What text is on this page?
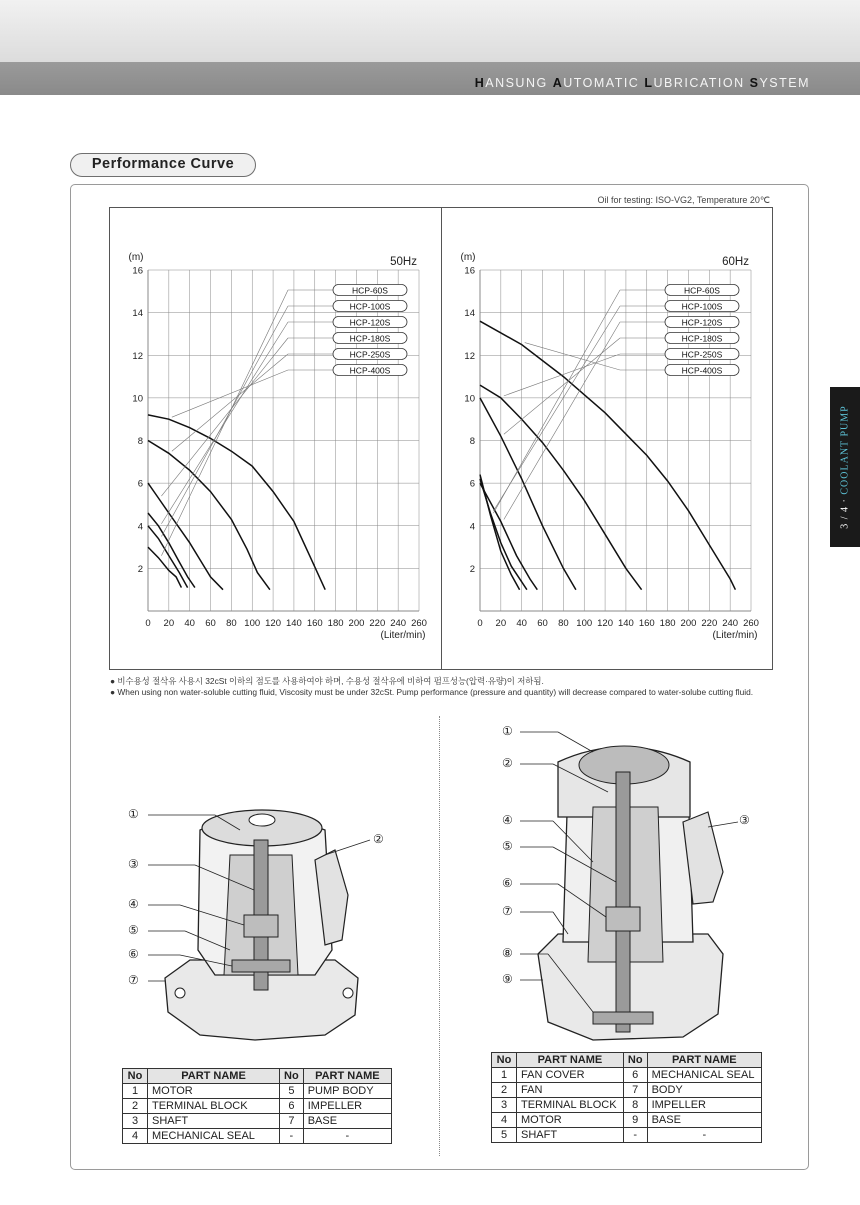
HANSUNG AUTOMATIC LUBRICATION SYSTEM
Performance Curve
3 / 4 · COOLANT PUMP
Oil for testing: ISO-VG2, Temperature 20℃
0 20 40 60 80 100 120 140 160 180 200 220 240 260
2
4
6
8
10
12
14
16
(m)
(Liter/min)
50Hz
HCP-60S
HCP-100S
HCP-120S
HCP-180S
HCP-250S
HCP-400S
0 20 40 60 80 100 120 140 160 180 200 220 240 260
2
4
6
8
10
12
14
16
(m)
(Liter/min)
60Hz
HCP-60S
HCP-100S
HCP-120S
HCP-180S
HCP-250S
HCP-400S
● 비수용성 절삭유 사용시 32cSt 이하의 점도를 사용하여야 하며, 수용성 절삭유에 비하여 펌프성능(압력·유량)이 저하됨.
● When using non water-soluble cutting fluid, Viscosity must be under 32cSt. Pump performance (pressure and quantity) will decrease compared to water-solube cutting fluid.
①
②
③
④
⑤
⑥
⑦
①
②
③
④
⑤
⑥
⑦
⑧
⑨
No	PART NAME	No	PART NAME
1	MOTOR	5	PUMP BODY
2	TERMINAL BLOCK	6	IMPELLER
3	SHAFT	7	BASE
4	MECHANICAL SEAL	-	-
No	PART NAME	No	PART NAME
1	FAN COVER	6	MECHANICAL SEAL
2	FAN	7	BODY
3	TERMINAL BLOCK	8	IMPELLER
4	MOTOR	9	BASE
5	SHAFT	-	-
